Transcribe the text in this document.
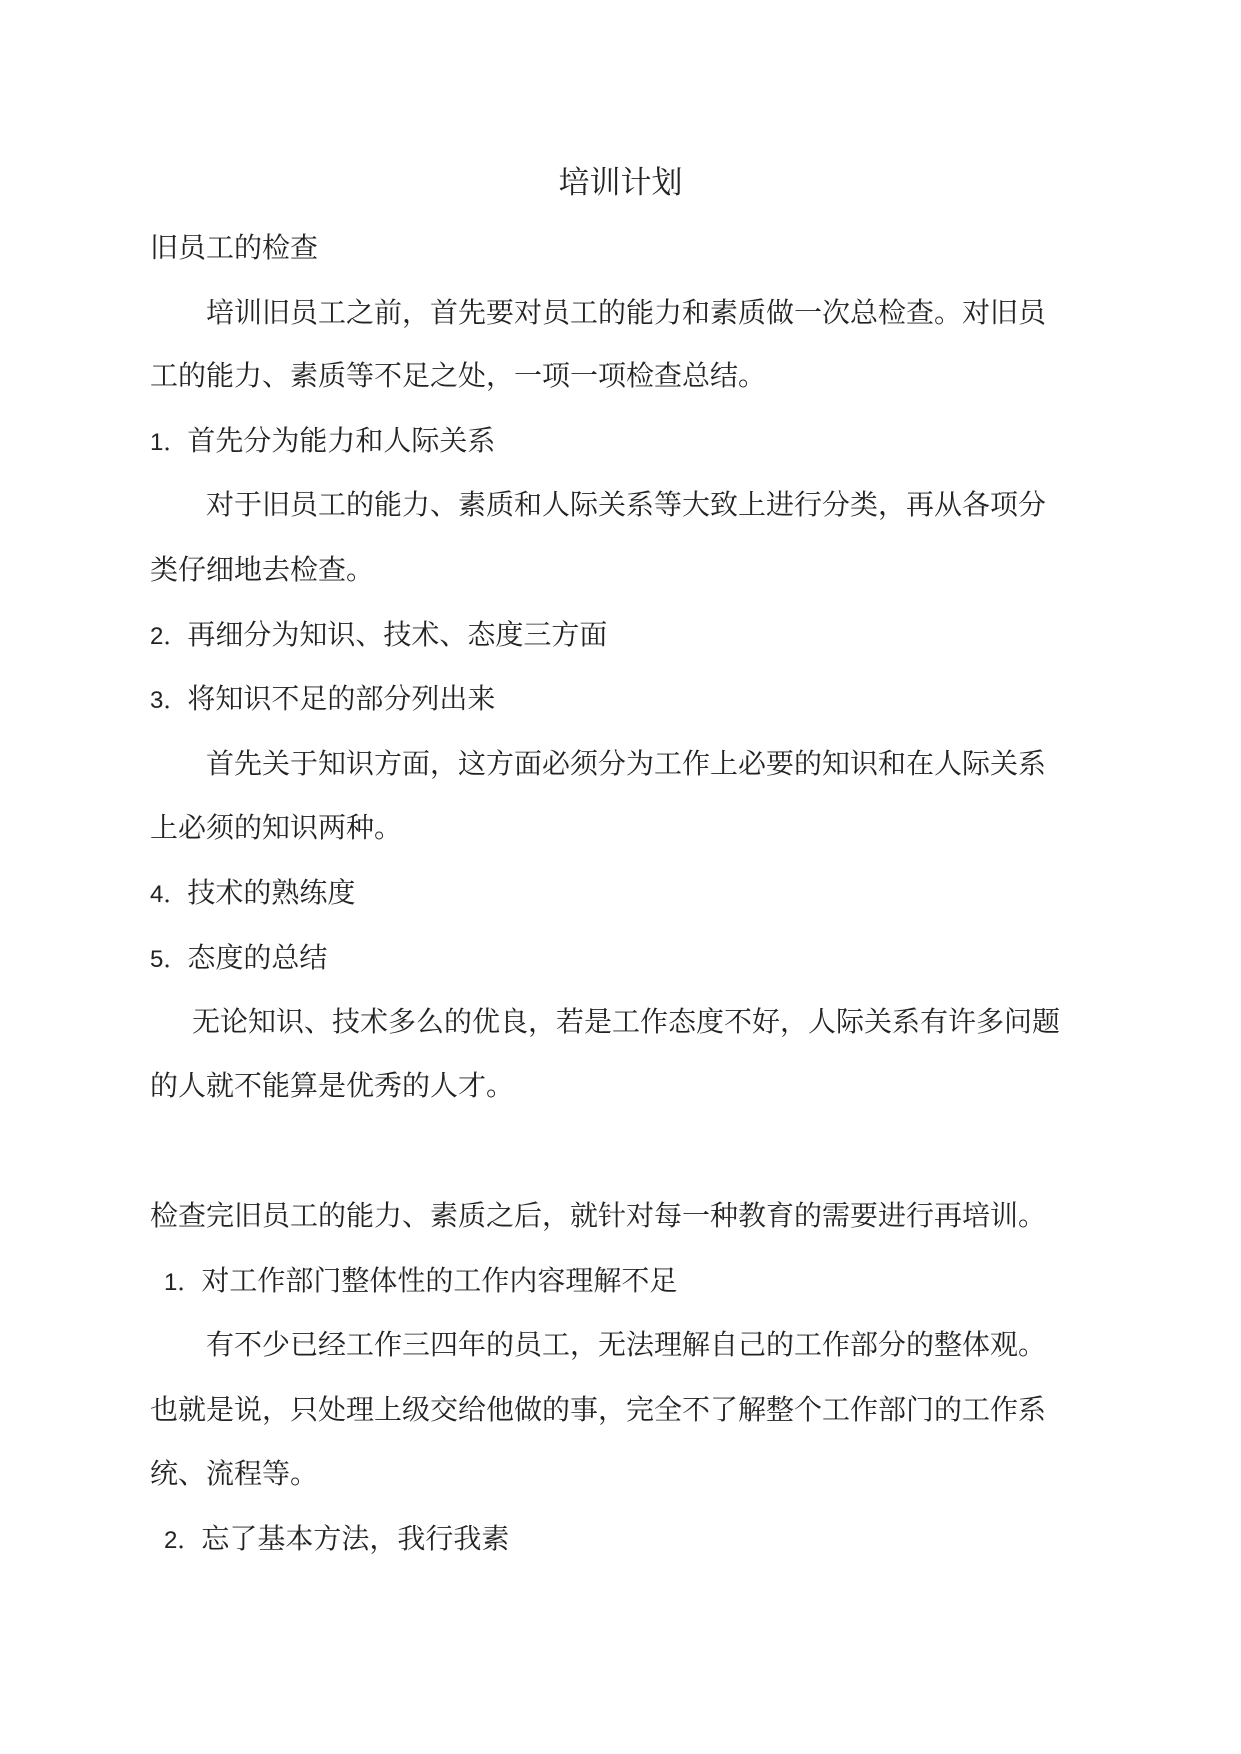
培训计划
旧员工的检查
培训旧员工之前，首先要对员工的能力和素质做一次总检查。对旧员
工的能力、素质等不足之处，一项一项检查总结。
1．首先分为能力和人际关系
对于旧员工的能力、素质和人际关系等大致上进行分类，再从各项分
类仔细地去检查。
2．再细分为知识、技术、态度三方面
3．将知识不足的部分列出来
首先关于知识方面，这方面必须分为工作上必要的知识和在人际关系
上必须的知识两种。
4．技术的熟练度
5．态度的总结
无论知识、技术多么的优良，若是工作态度不好，人际关系有许多问题
的人就不能算是优秀的人才。
检查完旧员工的能力、素质之后，就针对每一种教育的需要进行再培训。
1．对工作部门整体性的工作内容理解不足
有不少已经工作三四年的员工，无法理解自己的工作部分的整体观。
也就是说，只处理上级交给他做的事，完全不了解整个工作部门的工作系
统、流程等。
2．忘了基本方法，我行我素
